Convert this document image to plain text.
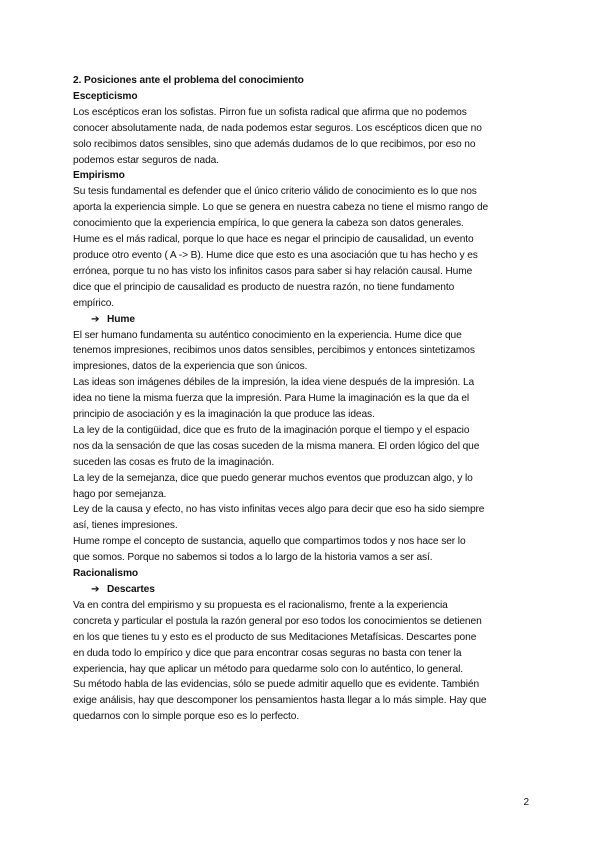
2. Posiciones ante el problema del conocimiento

Escepticismo

Los escépticos eran los sofistas. Pirron fue un sofista radical que afirma que no podemos
conocer absolutamente nada, de nada podemos estar seguros. Los escépticos dicen que no
solo recibimos datos sensibles, sino que además dudamos de lo que recibimos, por eso no
podemos estar seguros de nada.

Empirismo

Su tesis fundamental es defender que el único criterio válido de conocimiento es lo que nos
aporta la experiencia simple. Lo que se genera en nuestra cabeza no tiene el mismo rango de
conocimiento que la experiencia empírica, lo que genera la cabeza son datos generales.
Hume es el más radical, porque lo que hace es negar el principio de causalidad, un evento
produce otro evento ( A -> B). Hume dice que esto es una asociación que tu has hecho y es
errónea, porque tu no has visto los infinitos casos para saber si hay relación causal. Hume
dice que el principio de causalidad es producto de nuestra razón, no tiene fundamento
empírico.

➔ Hume

El ser humano fundamenta su auténtico conocimiento en la experiencia. Hume dice que
tenemos impresiones, recibimos unos datos sensibles, percibimos y entonces sintetizamos
impresiones, datos de la experiencia que son únicos.

Las ideas son imágenes débiles de la impresión, la idea viene después de la impresión. La
idea no tiene la misma fuerza que la impresión. Para Hume la imaginación es la que da el
principio de asociación y es la imaginación la que produce las ideas.

La ley de la contigüidad, dice que es fruto de la imaginación porque el tiempo y el espacio
nos da la sensación de que las cosas suceden de la misma manera. El orden lógico del que
suceden las cosas es fruto de la imaginación.

La ley de la semejanza, dice que puedo generar muchos eventos que produzcan algo, y lo
hago por semejanza.

Ley de la causa y efecto, no has visto infinitas veces algo para decir que eso ha sido siempre
así, tienes impresiones.

Hume rompe el concepto de sustancia, aquello que compartimos todos y nos hace ser lo
que somos. Porque no sabemos si todos a lo largo de la historia vamos a ser así.

Racionalismo

➔ Descartes

Va en contra del empirismo y su propuesta es el racionalismo, frente a la experiencia
concreta y particular el postula la razón general por eso todos los conocimientos se detienen
en los que tienes tu y esto es el producto de sus Meditaciones Metafísicas. Descartes pone
en duda todo lo empírico y dice que para encontrar cosas seguras no basta con tener la
experiencia, hay que aplicar un método para quedarme solo con lo auténtico, lo general.

Su método habla de las evidencias, sólo se puede admitir aquello que es evidente. También
exige análisis, hay que descomponer los pensamientos hasta llegar a lo más simple. Hay que
quedarnos con lo simple porque eso es lo perfecto.

2
